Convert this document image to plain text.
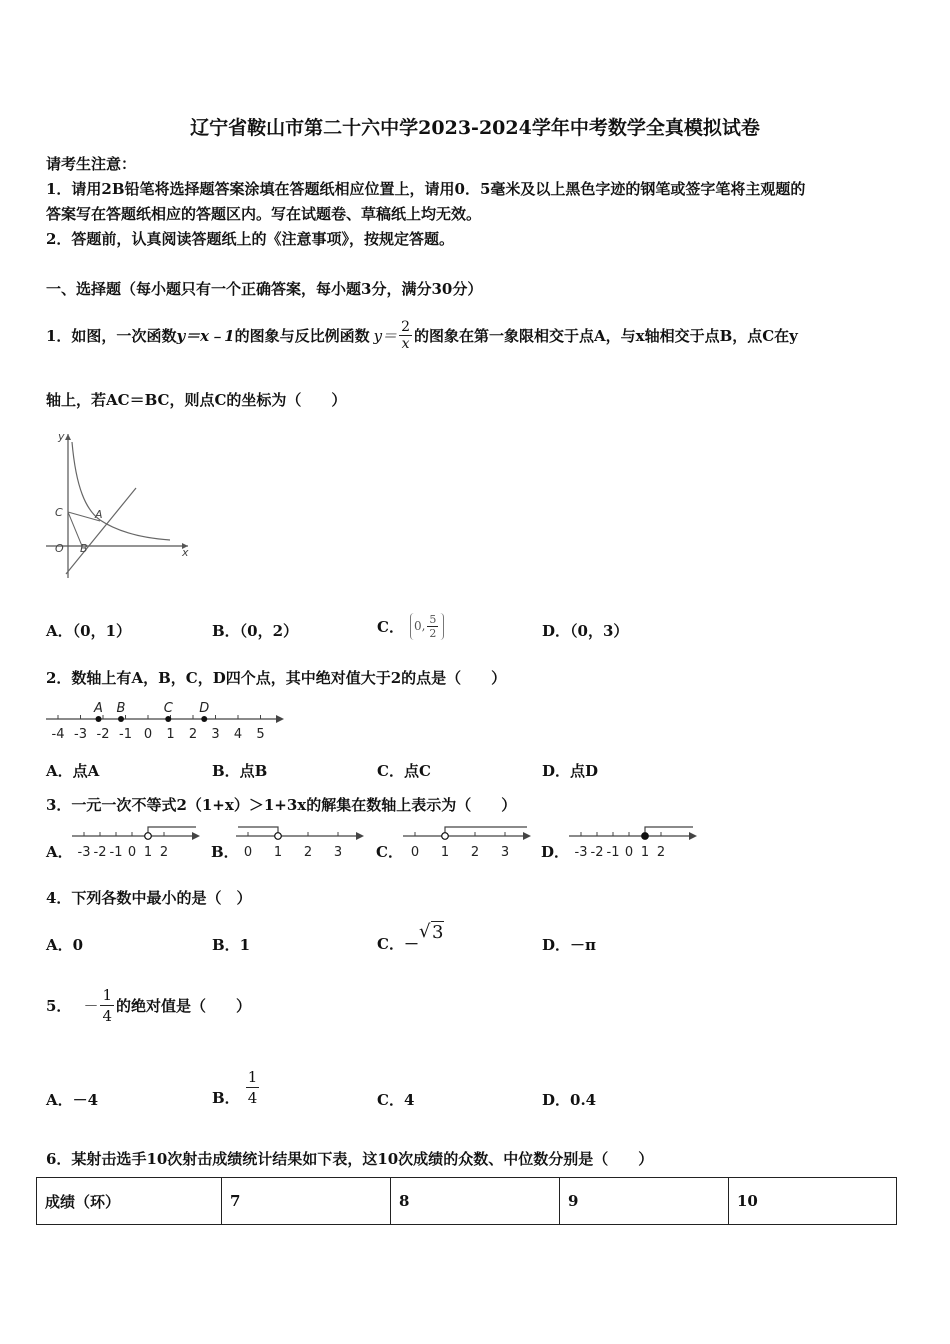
辽宁省鞍山市第二十六中学2023-2024学年中考数学全真模拟试卷
请考生注意：
1．请用2B铅笔将选择题答案涂填在答题纸相应位置上，请用0．5毫米及以上黑色字迹的钢笔或签字笔将主观题的
答案写在答题纸相应的答题区内。写在试题卷、草稿纸上均无效。
2．答题前，认真阅读答题纸上的《注意事项》，按规定答题。
一、选择题（每小题只有一个正确答案，每小题3分，满分30分）
1．如图，一次函数 y＝x﹣1 的图象与反比例函数 $y= \frac{2}{x}$ 的图象在第一象限相交于点A，与x轴相交于点B，点C在y
轴上，若AC＝BC，则点C的坐标为（　　）
y
x
C	A
O B
A．（0，1）	B．（0，2）	C． 0, $\frac{5}{2}$	D．（0，3）
2．数轴上有A，B，C，D四个点，其中绝对值大于2的点是（　　）
-4 -3 -2 -1 0 1 2 3 4 5
A B	C D
A．点A	B．点B	C．点C	D．点D
3．一元一次不等式2（1+x）＞1+3x的解集在数轴上表示为（　　）
A． -3 -2 -1 0 1 2	B． 0 1 2 3 C． 0 1 2 3 D． -3 -2 -1 0 1 2
4．下列各数中最小的是（　）
A．0	B．1	C．－
√ 3
D．－π
5． － $\frac{1}{4}$ 的绝对值是（　　）
A．－4	B． $\frac{1}{4}$	C．4	D．0.4
6．某射击选手10次射击成绩统计结果如下表，这10次成绩的众数、中位数分别是（　　）
成绩（环）	7	8	9	10
